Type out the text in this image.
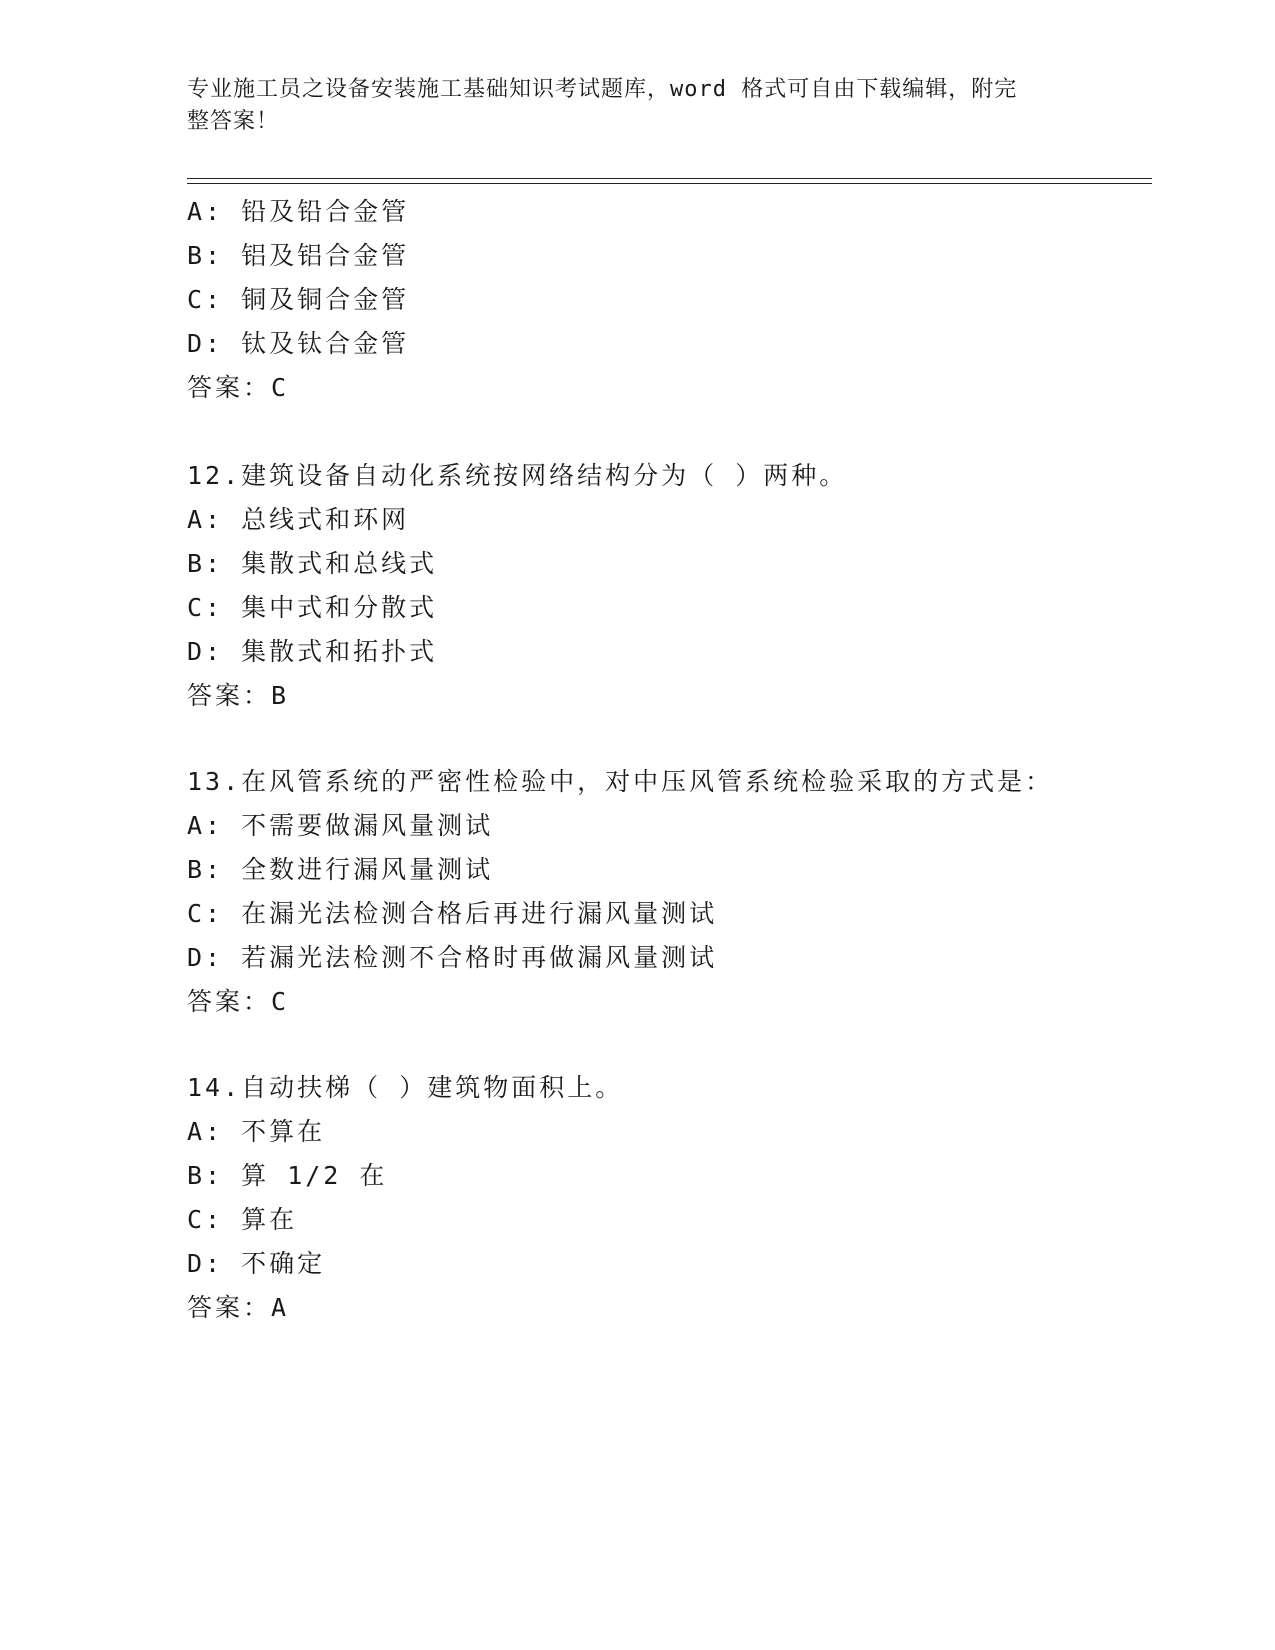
专业施工员之设备安装施工基础知识考试题库，word 格式可自由下载编辑，附完
整答案！
A: 铅及铅合金管
B: 铝及铝合金管
C: 铜及铜合金管
D: 钛及钛合金管
答案：C
12.建筑设备自动化系统按网络结构分为（ ）两种。
A: 总线式和环网
B: 集散式和总线式
C: 集中式和分散式
D: 集散式和拓扑式
答案：B
13.在风管系统的严密性检验中，对中压风管系统检验采取的方式是：
A: 不需要做漏风量测试
B: 全数进行漏风量测试
C: 在漏光法检测合格后再进行漏风量测试
D: 若漏光法检测不合格时再做漏风量测试
答案：C
14.自动扶梯（ ）建筑物面积上。
A: 不算在
B: 算 1/2 在
C: 算在
D: 不确定
答案：A
